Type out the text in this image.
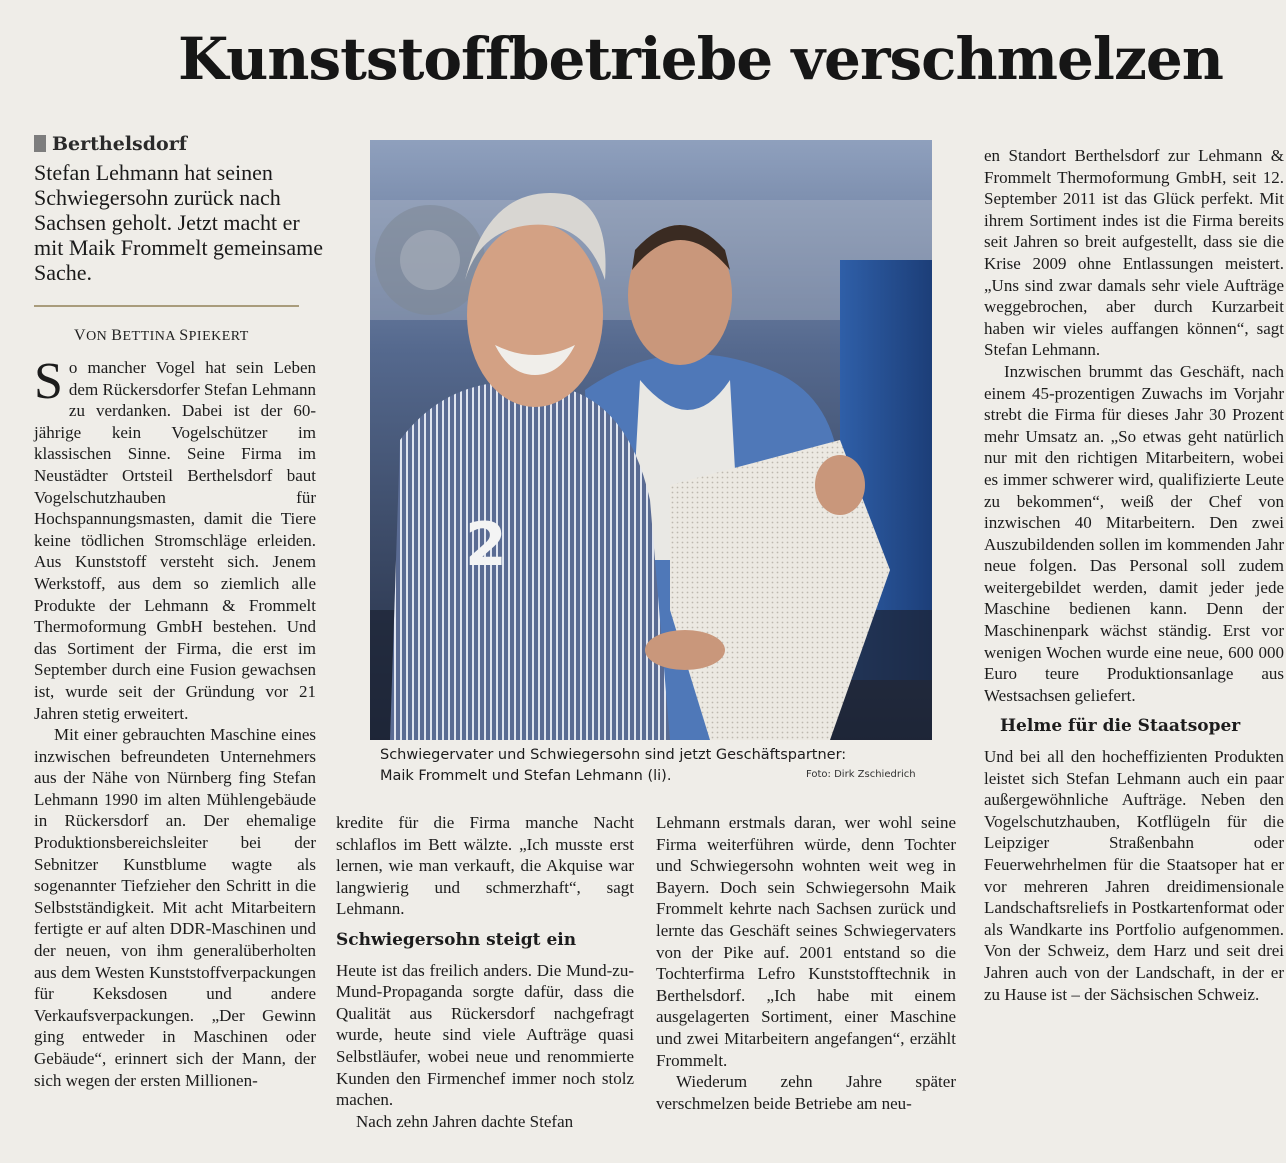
Kunststoffbetriebe verschmelzen
Berthelsdorf
Stefan Lehmann hat seinen Schwiegersohn zurück nach Sachsen geholt. Jetzt macht er mit Maik Frommelt gemeinsame Sache.
VON BETTINA SPIEKERT

So mancher Vogel hat sein Leben dem Rückersdorfer Stefan Lehmann zu verdanken. Dabei ist der 60-jährige kein Vogelschützer im klassischen Sinne. Seine Firma im Neustädter Ortsteil Berthelsdorf baut Vogelschutzhauben für Hochspannungsmasten, damit die Tiere keine tödlichen Stromschläge erleiden. Aus Kunststoff versteht sich. Jenem Werkstoff, aus dem so ziemlich alle Produkte der Lehmann & Frommelt Thermoformung GmbH bestehen. Und das Sortiment der Firma, die erst im September durch eine Fusion gewachsen ist, wurde seit der Gründung vor 21 Jahren stetig erweitert.

Mit einer gebrauchten Maschine eines inzwischen befreundeten Unternehmers aus der Nähe von Nürnberg fing Stefan Lehmann 1990 im alten Mühlengebäude in Rückersdorf an. Der ehemalige Produktionsbereichsleiter bei der Sebnitzer Kunstblume wagte als sogenannter Tiefzieher den Schritt in die Selbstständigkeit. Mit acht Mitarbeitern fertigte er auf alten DDR-Maschinen und der neuen, von ihm generalüberholten aus dem Westen Kunststoffverpackungen für Keksdosen und andere Verkaufsverpackungen. „Der Gewinn ging entweder in Maschinen oder Gebäude“, erinnert sich der Mann, der sich wegen der ersten Millionen-

2
Schwiegervater und Schwiegersohn sind jetzt Geschäftspartner:
Maik Frommelt und Stefan Lehmann (li).	Foto: Dirk Zschiedrich

kredite für die Firma manche Nacht schlaflos im Bett wälzte. „Ich musste erst lernen, wie man verkauft, die Akquise war langwierig und schmerzhaft“, sagt Lehmann.

Schwiegersohn steigt ein

Heute ist das freilich anders. Die Mund-zu-Mund-Propaganda sorgte dafür, dass die Qualität aus Rückersdorf nachgefragt wurde, heute sind viele Aufträge quasi Selbstläufer, wobei neue und renommierte Kunden den Firmenchef immer noch stolz machen.

Nach zehn Jahren dachte Stefan

Lehmann erstmals daran, wer wohl seine Firma weiterführen würde, denn Tochter und Schwiegersohn wohnten weit weg in Bayern. Doch sein Schwiegersohn Maik Frommelt kehrte nach Sachsen zurück und lernte das Geschäft seines Schwiegervaters von der Pike auf. 2001 entstand so die Tochterfirma Lefro Kunststofftechnik in Berthelsdorf. „Ich habe mit einem ausgelagerten Sortiment, einer Maschine und zwei Mitarbeitern angefangen“, erzählt Frommelt.

Wiederum zehn Jahre später verschmelzen beide Betriebe am neu-

en Standort Berthelsdorf zur Lehmann & Frommelt Thermoformung GmbH, seit 12. September 2011 ist das Glück perfekt. Mit ihrem Sortiment indes ist die Firma bereits seit Jahren so breit aufgestellt, dass sie die Krise 2009 ohne Entlassungen meistert. „Uns sind zwar damals sehr viele Aufträge weggebrochen, aber durch Kurzarbeit haben wir vieles auffangen können“, sagt Stefan Lehmann.

Inzwischen brummt das Geschäft, nach einem 45-prozentigen Zuwachs im Vorjahr strebt die Firma für dieses Jahr 30 Prozent mehr Umsatz an. „So etwas geht natürlich nur mit den richtigen Mitarbeitern, wobei es immer schwerer wird, qualifizierte Leute zu bekommen“, weiß der Chef von inzwischen 40 Mitarbeitern. Den zwei Auszubildenden sollen im kommenden Jahr neue folgen. Das Personal soll zudem weitergebildet werden, damit jeder jede Maschine bedienen kann. Denn der Maschinenpark wächst ständig. Erst vor wenigen Wochen wurde eine neue, 600 000 Euro teure Produktionsanlage aus Westsachsen geliefert.

Helme für die Staatsoper

Und bei all den hocheffizienten Produkten leistet sich Stefan Lehmann auch ein paar außergewöhnliche Aufträge. Neben den Vogelschutzhauben, Kotflügeln für die Leipziger Straßenbahn oder Feuerwehrhelmen für die Staatsoper hat er vor mehreren Jahren dreidimensionale Landschaftsreliefs in Postkartenformat oder als Wandkarte ins Portfolio aufgenommen. Von der Schweiz, dem Harz und seit drei Jahren auch von der Landschaft, in der er zu Hause ist – der Sächsischen Schweiz.
